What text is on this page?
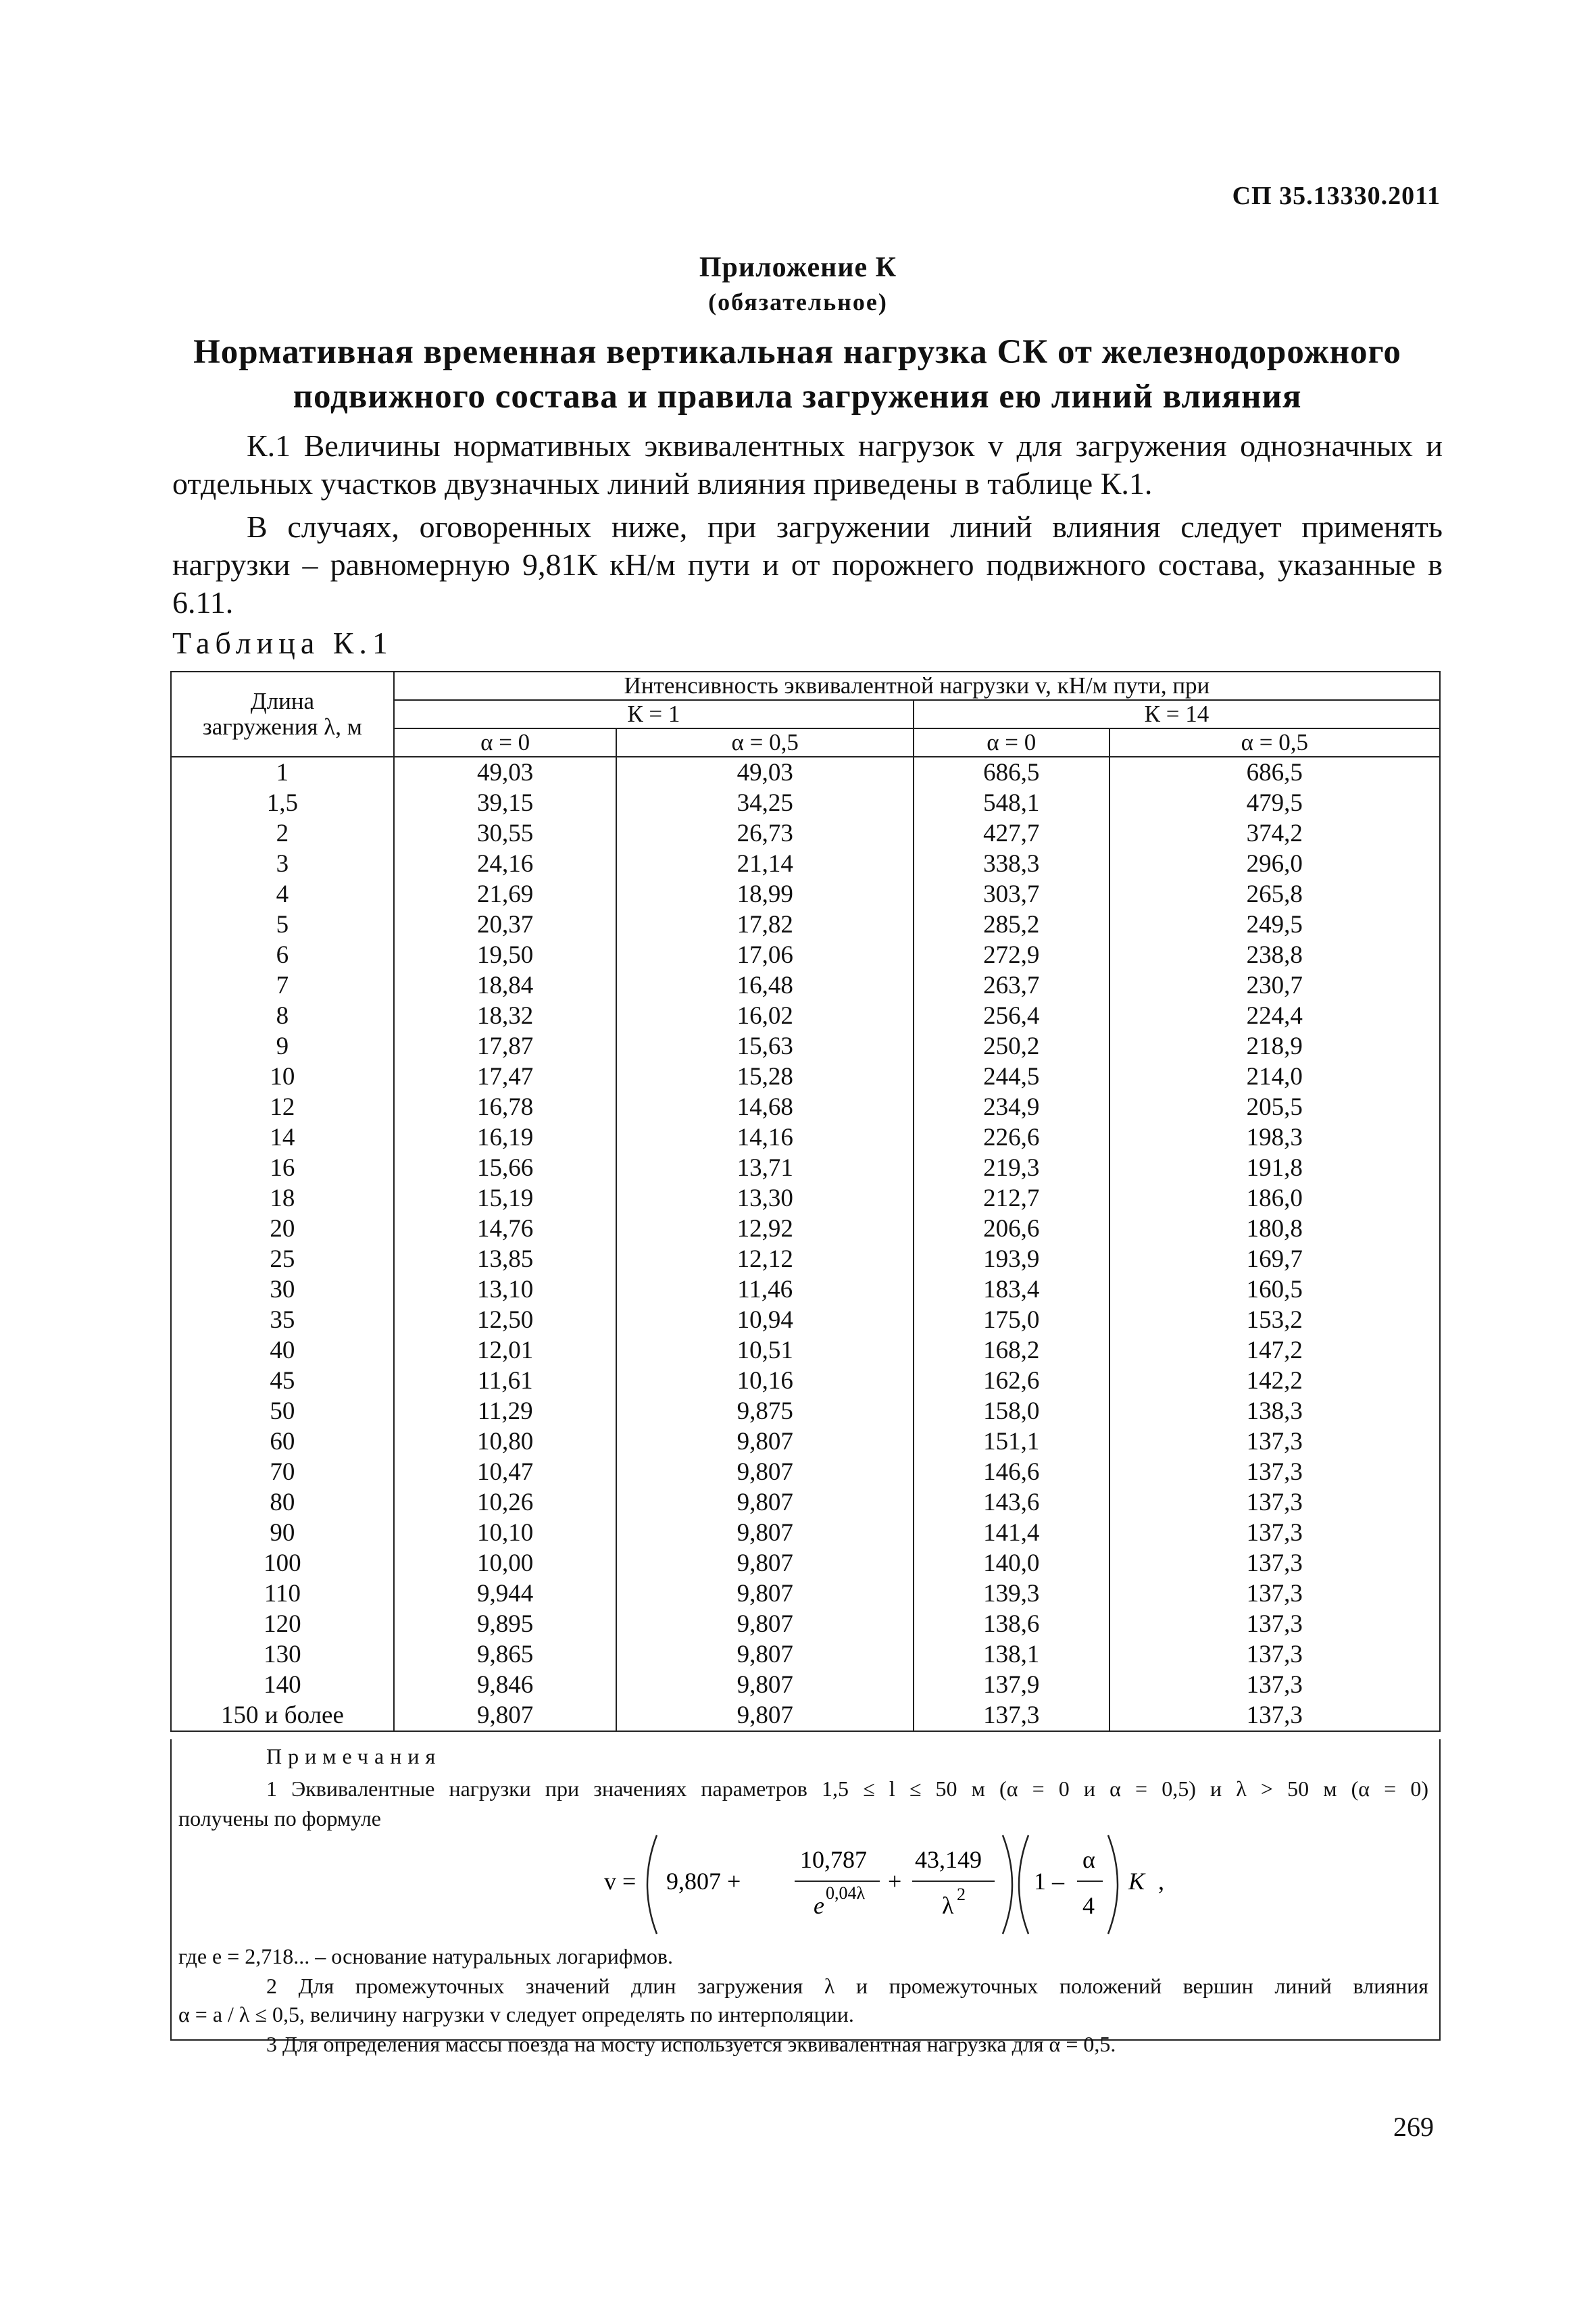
СП 35.13330.2011
Приложение К
(обязательное)
Нормативная временная вертикальная нагрузка СК от железнодорожного
подвижного состава и правила загружения ею линий влияния
К.1 Величины нормативных эквивалентных нагрузок v для загружения однозначных и отдельных участков двузначных линий влияния приведены в таблице К.1.
В случаях, оговоренных ниже, при загружении линий влияния следует применять нагрузки – равномерную 9,81К кН/м пути и от порожнего подвижного состава, указанные в 6.11.
Таблица К.1
Длина загружения λ, м	Интенсивность эквивалентной нагрузки v, кН/м пути, при			
	К = 1		К = 14	
	α = 0	α = 0,5	α = 0	α = 0,5
1	49,03	49,03	686,5	686,5
1,5	39,15	34,25	548,1	479,5
2	30,55	26,73	427,7	374,2
3	24,16	21,14	338,3	296,0
4	21,69	18,99	303,7	265,8
5	20,37	17,82	285,2	249,5
6	19,50	17,06	272,9	238,8
7	18,84	16,48	263,7	230,7
8	18,32	16,02	256,4	224,4
9	17,87	15,63	250,2	218,9
10	17,47	15,28	244,5	214,0
12	16,78	14,68	234,9	205,5
14	16,19	14,16	226,6	198,3
16	15,66	13,71	219,3	191,8
18	15,19	13,30	212,7	186,0
20	14,76	12,92	206,6	180,8
25	13,85	12,12	193,9	169,7
30	13,10	11,46	183,4	160,5
35	12,50	10,94	175,0	153,2
40	12,01	10,51	168,2	147,2
45	11,61	10,16	162,6	142,2
50	11,29	9,875	158,0	138,3
60	10,80	9,807	151,1	137,3
70	10,47	9,807	146,6	137,3
80	10,26	9,807	143,6	137,3
90	10,10	9,807	141,4	137,3
100	10,00	9,807	140,0	137,3
110	9,944	9,807	139,3	137,3
120	9,895	9,807	138,6	137,3
130	9,865	9,807	138,1	137,3
140	9,846	9,807	137,9	137,3
150 и более	9,807	9,807	137,3	137,3
Примечания
1 Эквивалентные нагрузки при значениях параметров 1,5 ≤ l ≤ 50 м (α = 0 и α = 0,5) и λ > 50 м (α = 0)
получены по формуле
v = 9,807 +
10,787
e 0,04λ +
43,149
λ 2	1 –
α
4
K ,
где e = 2,718... – основание натуральных логарифмов.
2 Для промежуточных значений длин загружения λ и промежуточных положений вершин линий влияния
α = a / λ ≤ 0,5, величину нагрузки v следует определять по интерполяции.
3 Для определения массы поезда на мосту используется эквивалентная нагрузка для α = 0,5.
269
